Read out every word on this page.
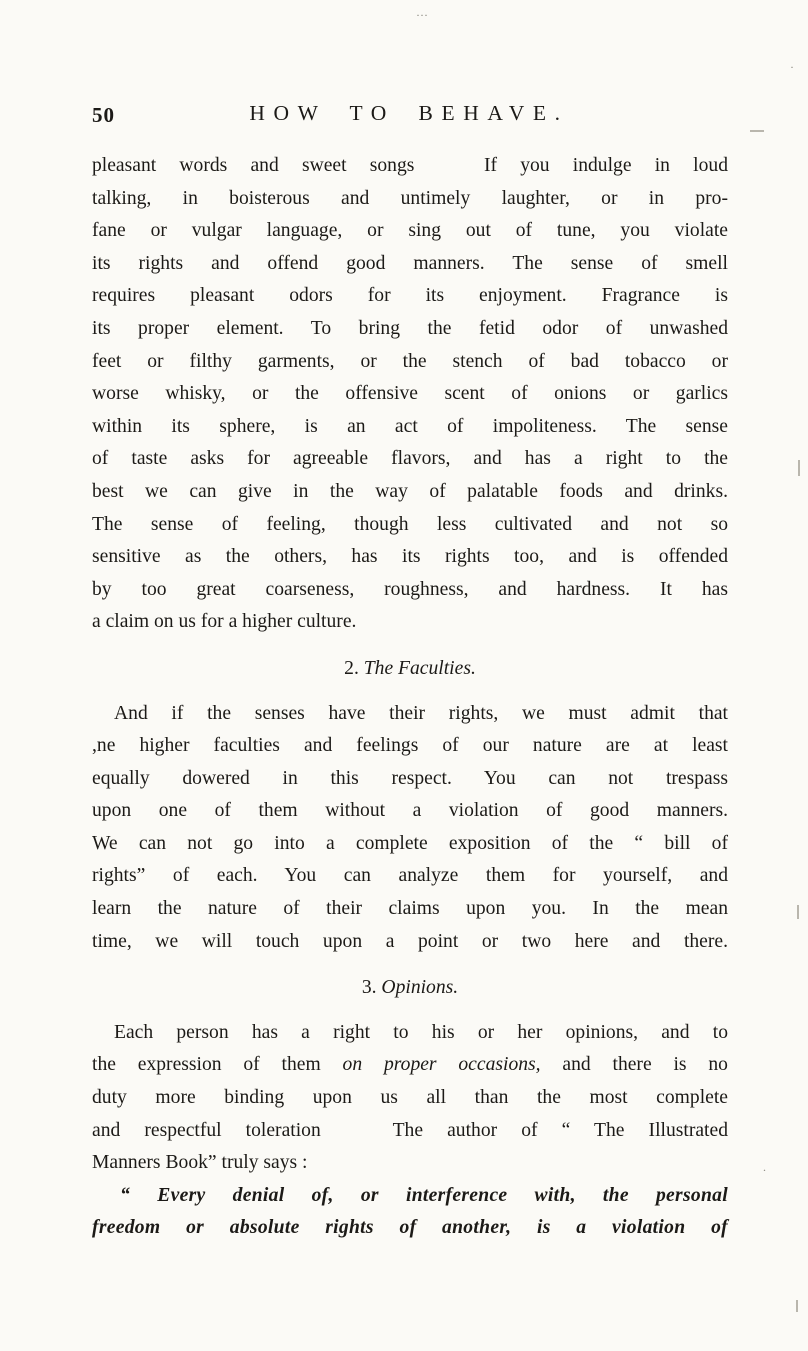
···
·
.
50	HOW TO BEHAVE.

pleasant words and sweet songs   If you indulge in loud
talking, in boisterous and untimely laughter, or in pro-
fane or vulgar language, or sing out of tune, you violate
its rights and offend good manners. The sense of smell
requires pleasant odors for its enjoyment. Fragrance is
its proper element. To bring the fetid odor of unwashed
feet or filthy garments, or the stench of bad tobacco or
worse whisky, or the offensive scent of onions or garlics
within its sphere, is an act of impoliteness. The sense
of taste asks for agreeable flavors, and has a right to the
best we can give in the way of palatable foods and drinks.
The sense of feeling, though less cultivated and not so
sensitive as the others, has its rights too, and is offended
by too great coarseness, roughness, and hardness. It has
a claim on us for a higher culture.

2. The Faculties.

And if the senses have their rights, we must admit that
,ne higher faculties and feelings of our nature are at least
equally dowered in this respect. You can not trespass
upon one of them without a violation of good manners.
We can not go into a complete exposition of the “ bill of
rights” of each. You can analyze them for yourself, and
learn the nature of their claims upon you. In the mean
time, we will touch upon a point or two here and there.

3. Opinions.

Each person has a right to his or her opinions, and to
the expression of them on proper occasions, and there is no
duty more binding upon us all than the most complete
and respectful toleration   The author of “ The Illustrated
Manners Book” truly says :

“ Every denial of, or interference with, the personal
freedom or absolute rights of another, is a violation of
